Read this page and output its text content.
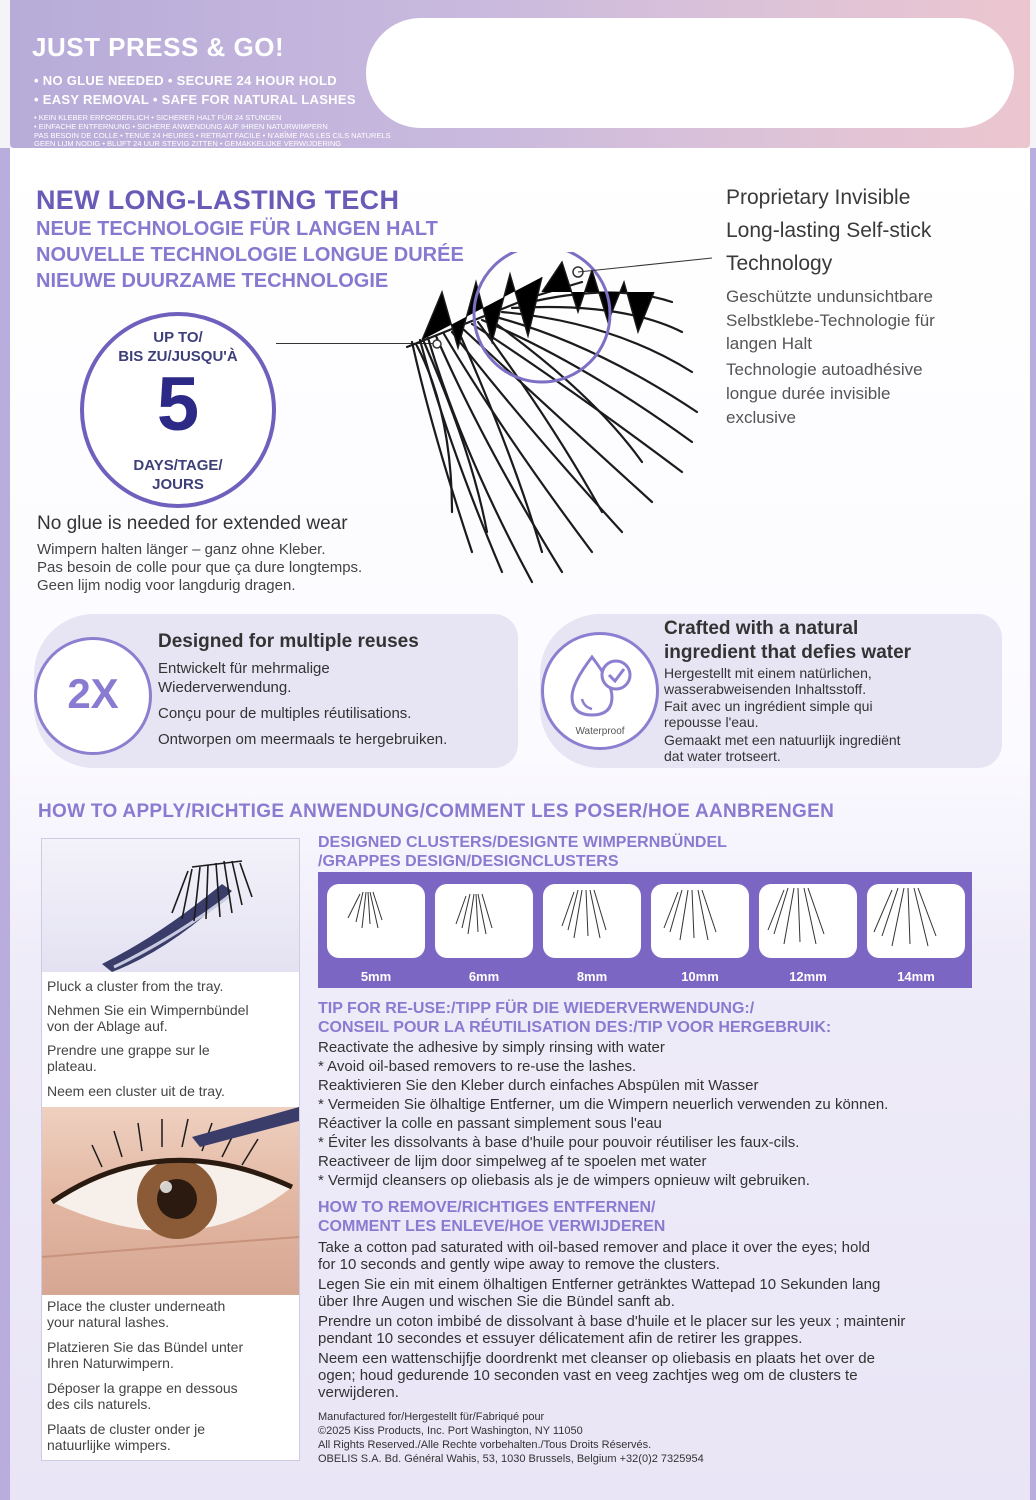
JUST PRESS & GO!
• NO GLUE NEEDED • SECURE 24 HOUR HOLD
• EASY REMOVAL • SAFE FOR NATURAL LASHES
• KEIN KLEBER ERFORDERLICH • SICHERER HALT FÜR 24 STUNDEN
• EINFACHE ENTFERNUNG • SICHERE ANWENDUNG AUF IHREN NATURWIMPERN
PAS BESOIN DE COLLE • TENUE 24 HEURES • RETRAIT FACILE • N'ABÎME PAS LES CILS NATURELS
GEEN LIJM NODIG • BLIJFT 24 UUR STEVIG ZITTEN • GEMAKKELIJKE VERWIJDERING
NEW LONG-LASTING TECH
NEUE TECHNOLOGIE FÜR LANGEN HALT
NOUVELLE TECHNOLOGIE LONGUE DURÉE
NIEUWE DUURZAME TECHNOLOGIE
UP TO/
BIS ZU/JUSQU'À
5
DAYS/TAGE/
JOURS
Proprietary Invisible
Long-lasting Self-stick
Technology
Geschützte undunsichtbare
Selbstklebe-Technologie für
langen Halt
Technologie autoadhésive
longue durée invisible
exclusive
No glue is needed for extended wear
Wimpern halten länger – ganz ohne Kleber.
Pas besoin de colle pour que ça dure longtemps.
Geen lijm nodig voor langdurig dragen.
2X
Designed for multiple reuses
Entwickelt für mehrmalige
Wiederverwendung.
Conçu pour de multiples réutilisations.
Ontworpen om meermaals te hergebruiken.	Waterproof
Crafted with a natural
ingredient that defies water
Hergestellt mit einem natürlichen,
wasserabweisenden Inhaltsstoff.
Fait avec un ingrédient simple qui
repousse l'eau.
Gemaakt met een natuurlijk ingrediënt
dat water trotseert.
HOW TO APPLY/RICHTIGE ANWENDUNG/COMMENT LES POSER/HOE AANBRENGEN
Pluck a cluster from the tray.
Nehmen Sie ein Wimpernbündel
von der Ablage auf.
Prendre une grappe sur le
plateau.
Neem een cluster uit de tray.
Place the cluster underneath
your natural lashes.
Platzieren Sie das Bündel unter
Ihren Naturwimpern.
Déposer la grappe en dessous
des cils naturels.
Plaats de cluster onder je
natuurlijke wimpers.
DESIGNED CLUSTERS/DESIGNTE WIMPERNBÜNDEL
/GRAPPES DESIGN/DESIGNCLUSTERS
5mm	6mm	8mm	10mm	12mm	14mm
TIP FOR RE-USE:/TIPP FÜR DIE WIEDERVERWENDUNG:/
CONSEIL POUR LA RÉUTILISATION DES:/TIP VOOR HERGEBRUIK:
Reactivate the adhesive by simply rinsing with water
* Avoid oil-based removers to re-use the lashes.
Reaktivieren Sie den Kleber durch einfaches Abspülen mit Wasser
* Vermeiden Sie ölhaltige Entferner, um die Wimpern neuerlich verwenden zu können.
Réactiver la colle en passant simplement sous l'eau
* Éviter les dissolvants à base d'huile pour pouvoir réutiliser les faux-cils.
Reactiveer de lijm door simpelweg af te spoelen met water
* Vermijd cleansers op oliebasis als je de wimpers opnieuw wilt gebruiken.
HOW TO REMOVE/RICHTIGES ENTFERNEN/
COMMENT LES ENLEVE/HOE VERWIJDEREN
Take a cotton pad saturated with oil-based remover and place it over the eyes; hold
for 10 seconds and gently wipe away to remove the clusters.
Legen Sie ein mit einem ölhaltigen Entferner getränktes Wattepad 10 Sekunden lang
über Ihre Augen und wischen Sie die Bündel sanft ab.
Prendre un coton imbibé de dissolvant à base d'huile et le placer sur les yeux ; maintenir
pendant 10 secondes et essuyer délicatement afin de retirer les grappes.
Neem een wattenschijfje doordrenkt met cleanser op oliebasis en plaats het over de
ogen; houd gedurende 10 seconden vast en veeg zachtjes weg om de clusters te
verwijderen.
Manufactured for/Hergestellt für/Fabriqué pour
©2025 Kiss Products, Inc. Port Washington, NY 11050
All Rights Reserved./Alle Rechte vorbehalten./Tous Droits Réservés.
OBELIS S.A. Bd. Général Wahis, 53, 1030 Brussels, Belgium +32(0)2 7325954
